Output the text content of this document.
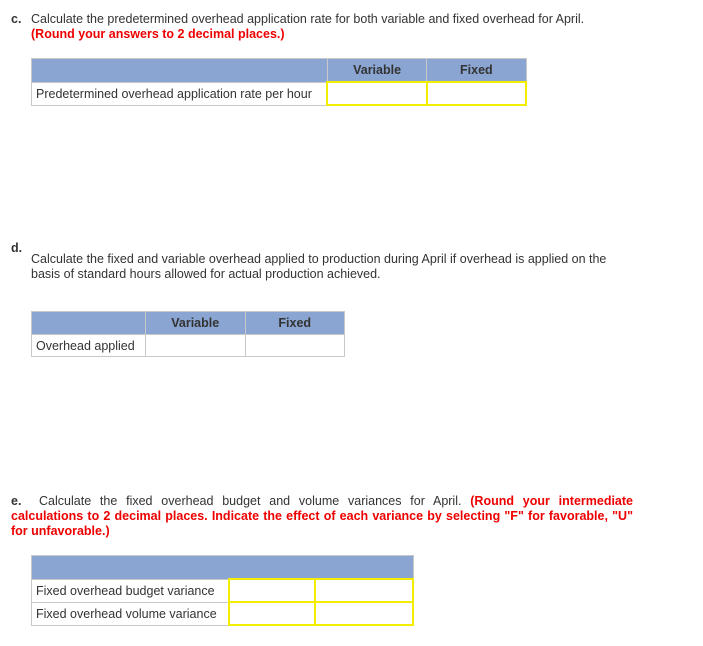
c. Calculate the predetermined overhead application rate for both variable and fixed overhead for April.
(Round your answers to 2 decimal places.)
	Variable	Fixed
Predetermined overhead application rate per hour		
d.
Calculate the fixed and variable overhead applied to production during April if overhead is applied on the basis of standard hours allowed for actual production achieved.
	Variable	Fixed
Overhead applied		
e. Calculate the fixed overhead budget and volume variances for April. (Round your intermediate calculations to 2 decimal places. Indicate the effect of each variance by selecting "F" for favorable, "U" for unfavorable.)

Fixed overhead budget variance		
Fixed overhead volume variance		
